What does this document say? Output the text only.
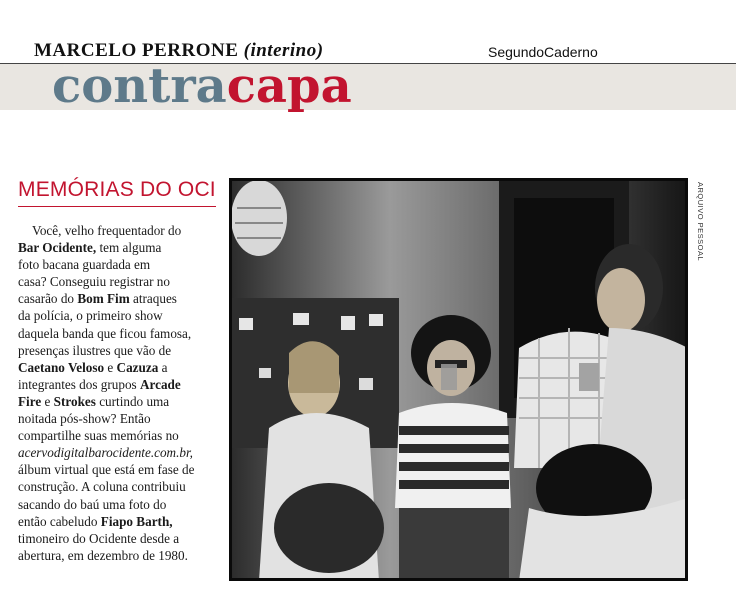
MARCELO PERRONE (interino)	SegundoCaderno
contracapa
MEMÓRIAS DO OCI
Você, velho frequentador do
Bar Ocidente, tem alguma
foto bacana guardada em
casa? Conseguiu registrar no
casarão do Bom Fim atraques
da polícia, o primeiro show
daquela banda que ficou famosa,
presenças ilustres que vão de
Caetano Veloso e Cazuza a
integrantes dos grupos Arcade
Fire e Strokes curtindo uma
noitada pós-show? Então
compartilhe suas memórias no
acervodigitalbarocidente.com.br,
álbum virtual que está em fase de
construção. A coluna contribuiu
sacando do baú uma foto do
então cabeludo Fiapo Barth,
timoneiro do Ocidente desde a
abertura, em dezembro de 1980.
ARQUIVO PESSOAL
